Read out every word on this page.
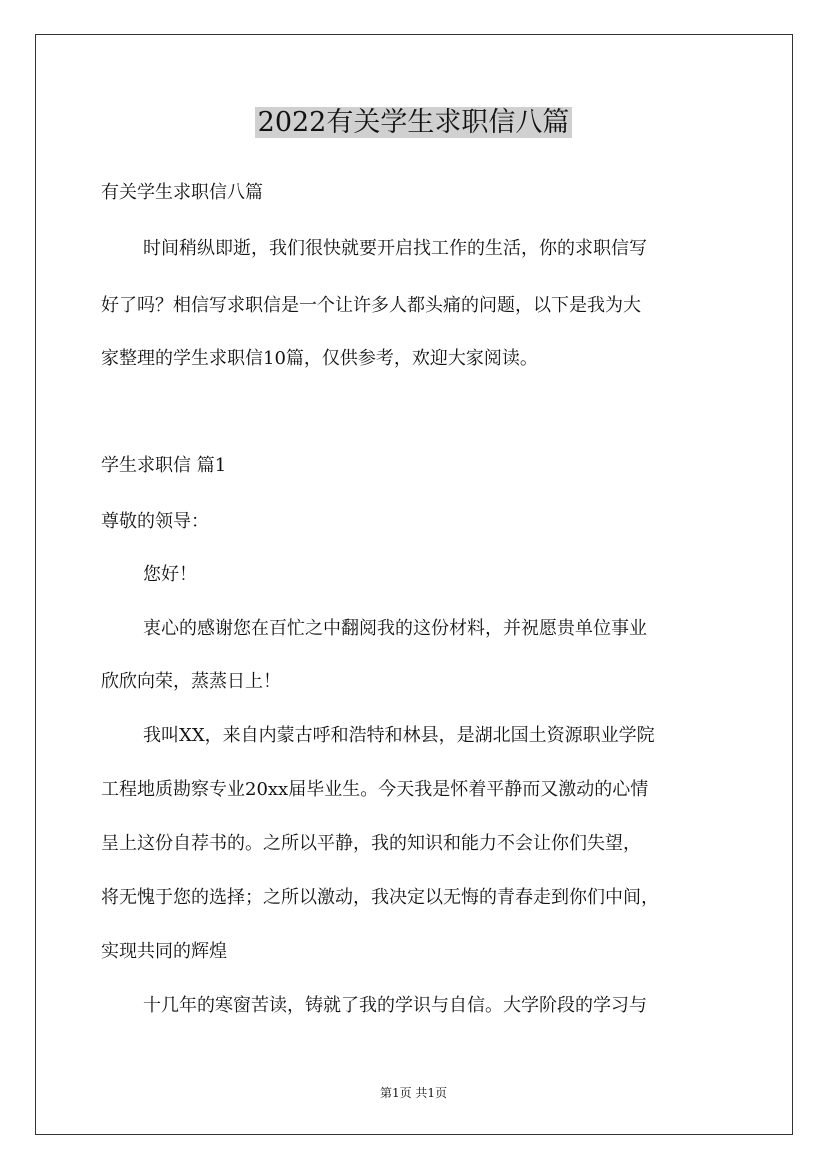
2022有关学生求职信八篇
有关学生求职信八篇
时间稍纵即逝，我们很快就要开启找工作的生活，你的求职信写
好了吗？相信写求职信是一个让许多人都头痛的问题，以下是我为大
家整理的学生求职信10篇，仅供参考，欢迎大家阅读。
学生求职信 篇1
尊敬的领导：
您好！
衷心的感谢您在百忙之中翻阅我的这份材料，并祝愿贵单位事业
欣欣向荣，蒸蒸日上！
我叫XX，来自内蒙古呼和浩特和林县，是湖北国土资源职业学院
工程地质勘察专业20xx届毕业生。今天我是怀着平静而又激动的心情
呈上这份自荐书的。之所以平静，我的知识和能力不会让你们失望，
将无愧于您的选择；之所以激动，我决定以无悔的青春走到你们中间，
实现共同的辉煌
十几年的寒窗苦读，铸就了我的学识与自信。大学阶段的学习与
第1页 共1页
